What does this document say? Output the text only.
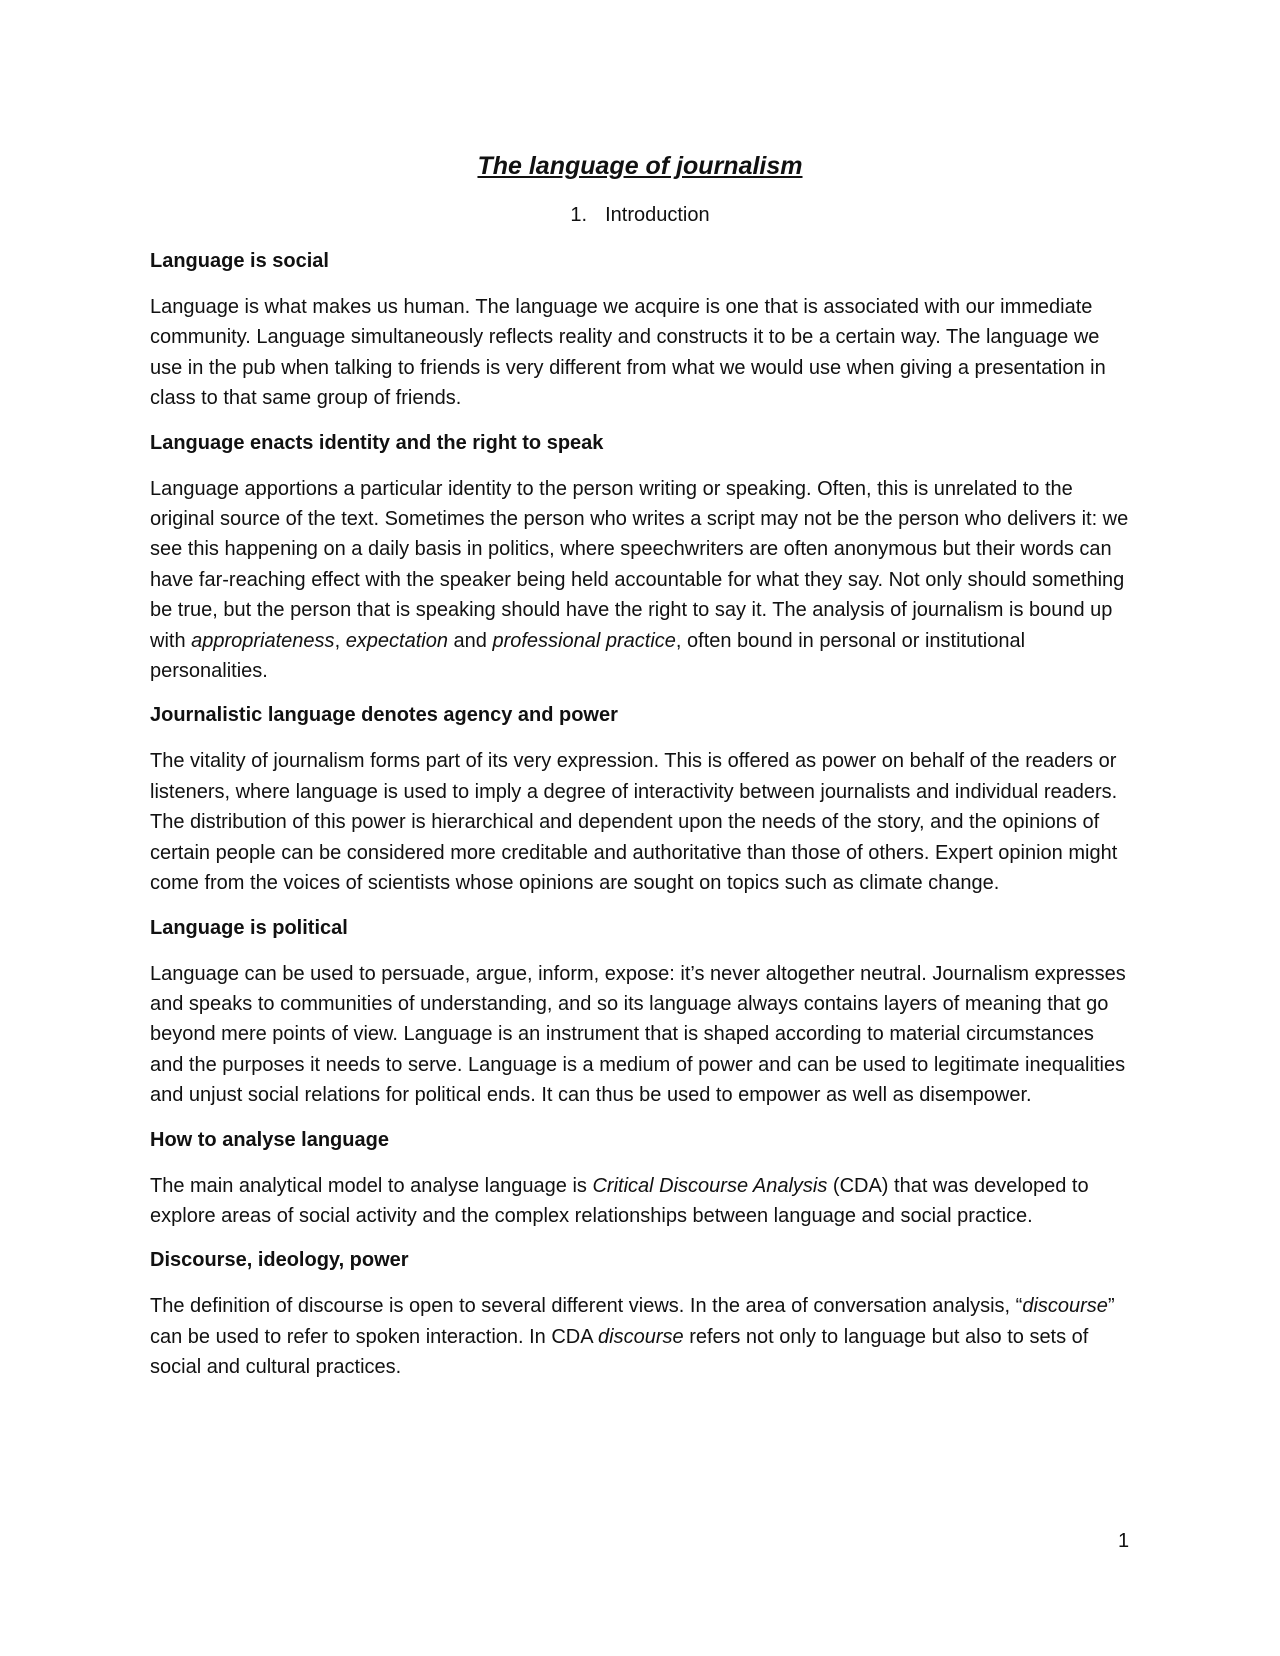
The language of journalism
1. Introduction
Language is social
Language is what makes us human. The language we acquire is one that is associated with our immediate community. Language simultaneously reflects reality and constructs it to be a certain way. The language we use in the pub when talking to friends is very different from what we would use when giving a presentation in class to that same group of friends.
Language enacts identity and the right to speak
Language apportions a particular identity to the person writing or speaking. Often, this is unrelated to the original source of the text. Sometimes the person who writes a script may not be the person who delivers it: we see this happening on a daily basis in politics, where speechwriters are often anonymous but their words can have far-reaching effect with the speaker being held accountable for what they say. Not only should something be true, but the person that is speaking should have the right to say it. The analysis of journalism is bound up with appropriateness, expectation and professional practice, often bound in personal or institutional personalities.
Journalistic language denotes agency and power
The vitality of journalism forms part of its very expression. This is offered as power on behalf of the readers or listeners, where language is used to imply a degree of interactivity between journalists and individual readers. The distribution of this power is hierarchical and dependent upon the needs of the story, and the opinions of certain people can be considered more creditable and authoritative than those of others. Expert opinion might come from the voices of scientists whose opinions are sought on topics such as climate change.
Language is political
Language can be used to persuade, argue, inform, expose: it’s never altogether neutral. Journalism expresses and speaks to communities of understanding, and so its language always contains layers of meaning that go beyond mere points of view. Language is an instrument that is shaped according to material circumstances and the purposes it needs to serve. Language is a medium of power and can be used to legitimate inequalities and unjust social relations for political ends. It can thus be used to empower as well as disempower.
How to analyse language
The main analytical model to analyse language is Critical Discourse Analysis (CDA) that was developed to explore areas of social activity and the complex relationships between language and social practice.
Discourse, ideology, power
The definition of discourse is open to several different views. In the area of conversation analysis, “discourse” can be used to refer to spoken interaction. In CDA discourse refers not only to language but also to sets of social and cultural practices.
1
